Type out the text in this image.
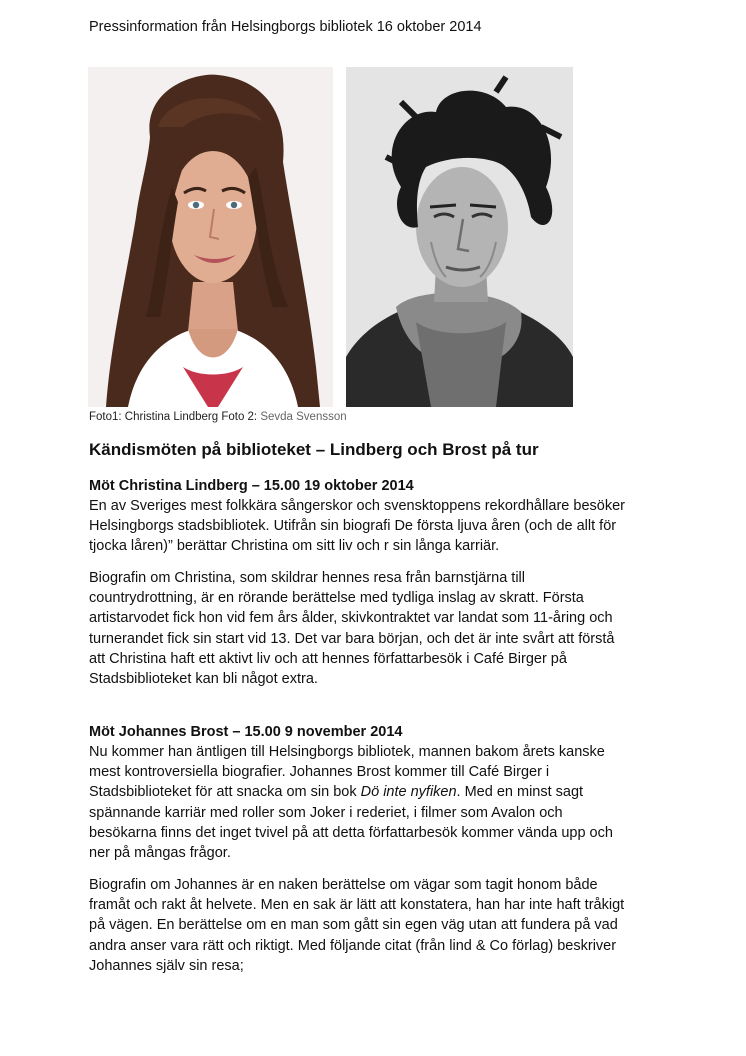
Pressinformation från Helsingborgs bibliotek 16 oktober 2014
Foto1: Christina Lindberg Foto 2: Sevda Svensson
Kändismöten på biblioteket – Lindberg och Brost på tur
Möt Christina Lindberg – 15.00 19 oktober 2014

En av Sveriges mest folkkära sångerskor och svensktoppens rekordhållare besöker
Helsingborgs stadsbibliotek. Utifrån sin biografi De första ljuva åren (och de allt för
tjocka låren)” berättar Christina om sitt liv och r sin långa karriär.

Biografin om Christina, som skildrar hennes resa från barnstjärna till
countrydrottning, är en rörande berättelse med tydliga inslag av skratt. Första
artistarvodet fick hon vid fem års ålder, skivkontraktet var landat som 11-åring och
turnerandet fick sin start vid 13. Det var bara början, och det är inte svårt att förstå
att Christina haft ett aktivt liv och att hennes författarbesök i Café Birger på
Stadsbiblioteket kan bli något extra.

Möt Johannes Brost – 15.00 9 november 2014

Nu kommer han äntligen till Helsingborgs bibliotek, mannen bakom årets kanske
mest kontroversiella biografier. Johannes Brost kommer till Café Birger i
Stadsbiblioteket för att snacka om sin bok Dö inte nyfiken. Med en minst sagt
spännande karriär med roller som Joker i rederiet, i filmer som Avalon och
besökarna finns det inget tvivel på att detta författarbesök kommer vända upp och
ner på mångas frågor.

Biografin om Johannes är en naken berättelse om vägar som tagit honom både
framåt och rakt åt helvete. Men en sak är lätt att konstatera, han har inte haft tråkigt
på vägen. En berättelse om en man som gått sin egen väg utan att fundera på vad
andra anser vara rätt och riktigt. Med följande citat (från lind & Co förlag) beskriver
Johannes själv sin resa;
